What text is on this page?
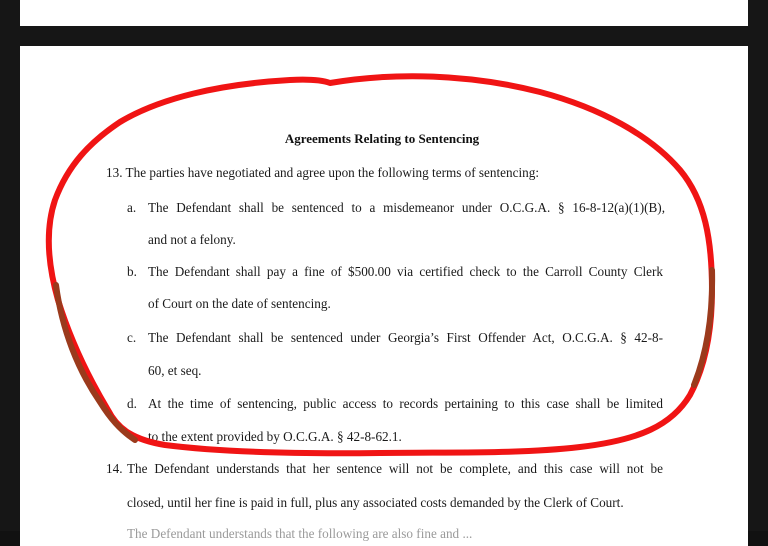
Agreements Relating to Sentencing
13. The parties have negotiated and agree upon the following terms of sentencing:
a. The Defendant shall be sentenced to a misdemeanor under O.C.G.A. § 16-8-12(a)(1)(B),
and not a felony.
b. The Defendant shall pay a fine of $500.00 via certified check to the Carroll County Clerk
of Court on the date of sentencing.
c. The Defendant shall be sentenced under Georgia’s First Offender Act, O.C.G.A. § 42-8-
60, et seq.
d. At the time of sentencing, public access to records pertaining to this case shall be limited
to the extent provided by O.C.G.A. § 42-8-62.1.
14. The Defendant understands that her sentence will not be complete, and this case will not be
closed, until her fine is paid in full, plus any associated costs demanded by the Clerk of Court.
The Defendant understands that the following are also fine and ...
